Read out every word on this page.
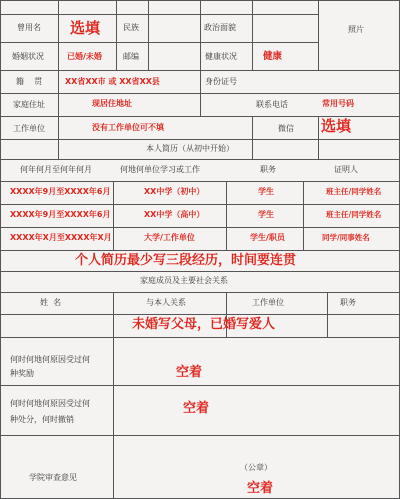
曾用名 选填	民族	政治面貌	照片
婚姻状况	已婚/未婚	邮编	健康状况	健康
籍    贯	XX省XX市 或 XX省XX县	身份证号
家庭住址	现居住地址	联系电话	常用号码
工作单位	没有工作单位可不填	微信 选填
本人简历（从初中开始）
何年何月至何年何月	何地何单位学习或工作	职务	证明人
XXXX年9月至XXXX年6月	XX中学（初中）	学生	班主任/同学姓名
XXXX年9月至XXXX年6月	XX中学（高中）	学生	班主任/同学姓名
XXXX年X月至XXXX年X月	大学/工作单位	学生/职员	同学/同事姓名
个人简历最少写三段经历，时间要连贯
家庭成员及主要社会关系
姓  名	与本人关系	工作单位	职务
未婚写父母，已婚写爱人
何时何地何原因受过何
种奖励	空着
何时何地何原因受过何
种处分，何时撤销
空着
学院审查意见
（公章）
空着
